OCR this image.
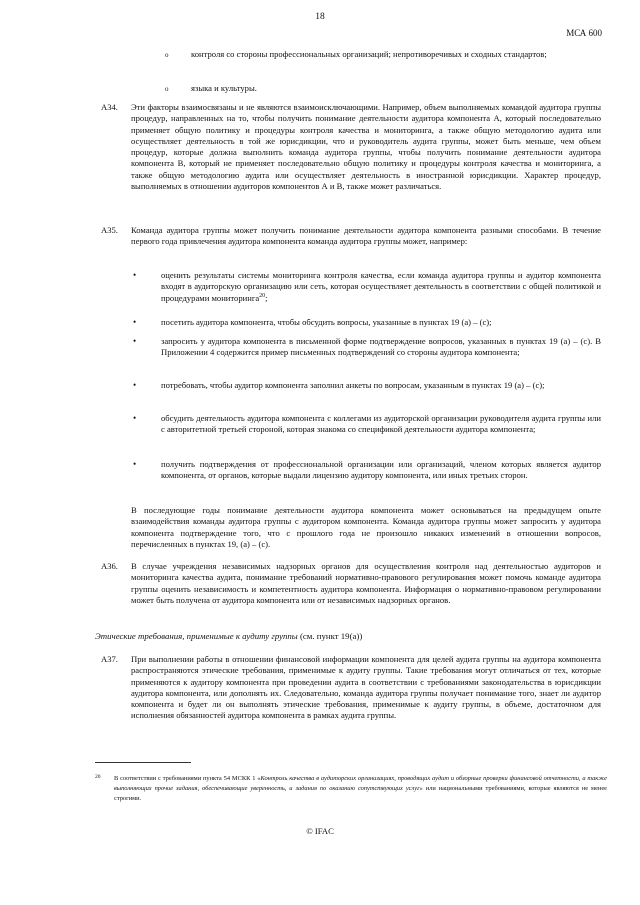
18
МСА 600
o	контроля со стороны профессиональных организаций; непротиворечивых и сходных стандартов;
o	языка и культуры.
A34. Эти факторы взаимосвязаны и не являются взаимоисключающими. Например, объем выполняемых командой аудитора группы процедур, направленных на то, чтобы получить понимание деятельности аудитора компонента А, который последовательно применяет общую политику и процедуры контроля качества и мониторинга, а также общую методологию аудита или осуществляет деятельность в той же юрисдикции, что и руководитель аудита группы, может быть меньше, чем объем процедур, которые должна выполнить команда аудитора группы, чтобы получить понимание деятельности аудитора компонента В, который не применяет последовательно общую политику и процедуры контроля качества и мониторинга, а также общую методологию аудита или осуществляет деятельность в иностранной юрисдикции. Характер процедур, выполняемых в отношении аудиторов компонентов А и В, также может различаться.
A35. Команда аудитора группы может получить понимание деятельности аудитора компонента разными способами. В течение первого года привлечения аудитора компонента команда аудитора группы может, например:
•	оценить результаты системы мониторинга контроля качества, если команда аудитора группы и аудитор компонента входят в аудиторскую организацию или сеть, которая осуществляет деятельность в соответствии с общей политикой и процедурами мониторинга$^{20}$;
•	посетить аудитора компонента, чтобы обсудить вопросы, указанные в пунктах 19 (а) – (с);
•	запросить у аудитора компонента в письменной форме подтверждение вопросов, указанных в пунктах 19 (а) – (с). В Приложении 4 содержится пример письменных подтверждений со стороны аудитора компонента;
•	потребовать, чтобы аудитор компонента заполнил анкеты по вопросам, указанным в пунктах 19 (а) – (с);
•	обсудить деятельность аудитора компонента с коллегами из аудиторской организации руководителя аудита группы или с авторитетной третьей стороной, которая знакома со спецификой деятельности аудитора компонента;
•	получить подтверждения от профессиональной организации или организаций, членом которых является аудитор компонента, от органов, которые выдали лицензию аудитору компонента, или иных третьих сторон.
В последующие годы понимание деятельности аудитора компонента может основываться на предыдущем опыте взаимодействия команды аудитора группы с аудитором компонента. Команда аудитора группы может запросить у аудитора компонента подтверждение того, что с прошлого года не произошло никаких изменений в отношении вопросов, перечисленных в пунктах 19, (а) – (с).
A36. В случае учреждения независимых надзорных органов для осуществления контроля над деятельностью аудиторов и мониторинга качества аудита, понимание требований нормативно-правового регулирования может помочь команде аудитора группы оценить независимость и компетентность аудитора компонента. Информация о нормативно-правовом регулировании может быть получена от аудитора компонента или от независимых надзорных органов.
Этические требования, применимые к аудиту группы (см. пункт 19(а))
A37. При выполнении работы в отношении финансовой информации компонента для целей аудита группы на аудитора компонента распространяются этические требования, применимые к аудиту группы. Такие требования могут отличаться от тех, которые применяются к аудитору компонента при проведении аудита в соответствии с требованиями законодательства в юрисдикции аудитора компонента, или дополнять их. Следовательно, команда аудитора группы получает понимание того, знает ли аудитор компонента и будет ли он выполнять этические требования, применимые к аудиту группы, в объеме, достаточном для исполнения обязанностей аудитора компонента в рамках аудита группы.
20 В соответствии с требованиями пункта 54 МСКК 1 «Контроль качества в аудиторских организациях, проводящих аудит и обзорные проверки финансовой отчетности, а также выполняющих прочие задания, обеспечивающие уверенность, и задания по оказанию сопутствующих услуг» или национальными требованиями, которые являются не менее строгими.
© IFAC
